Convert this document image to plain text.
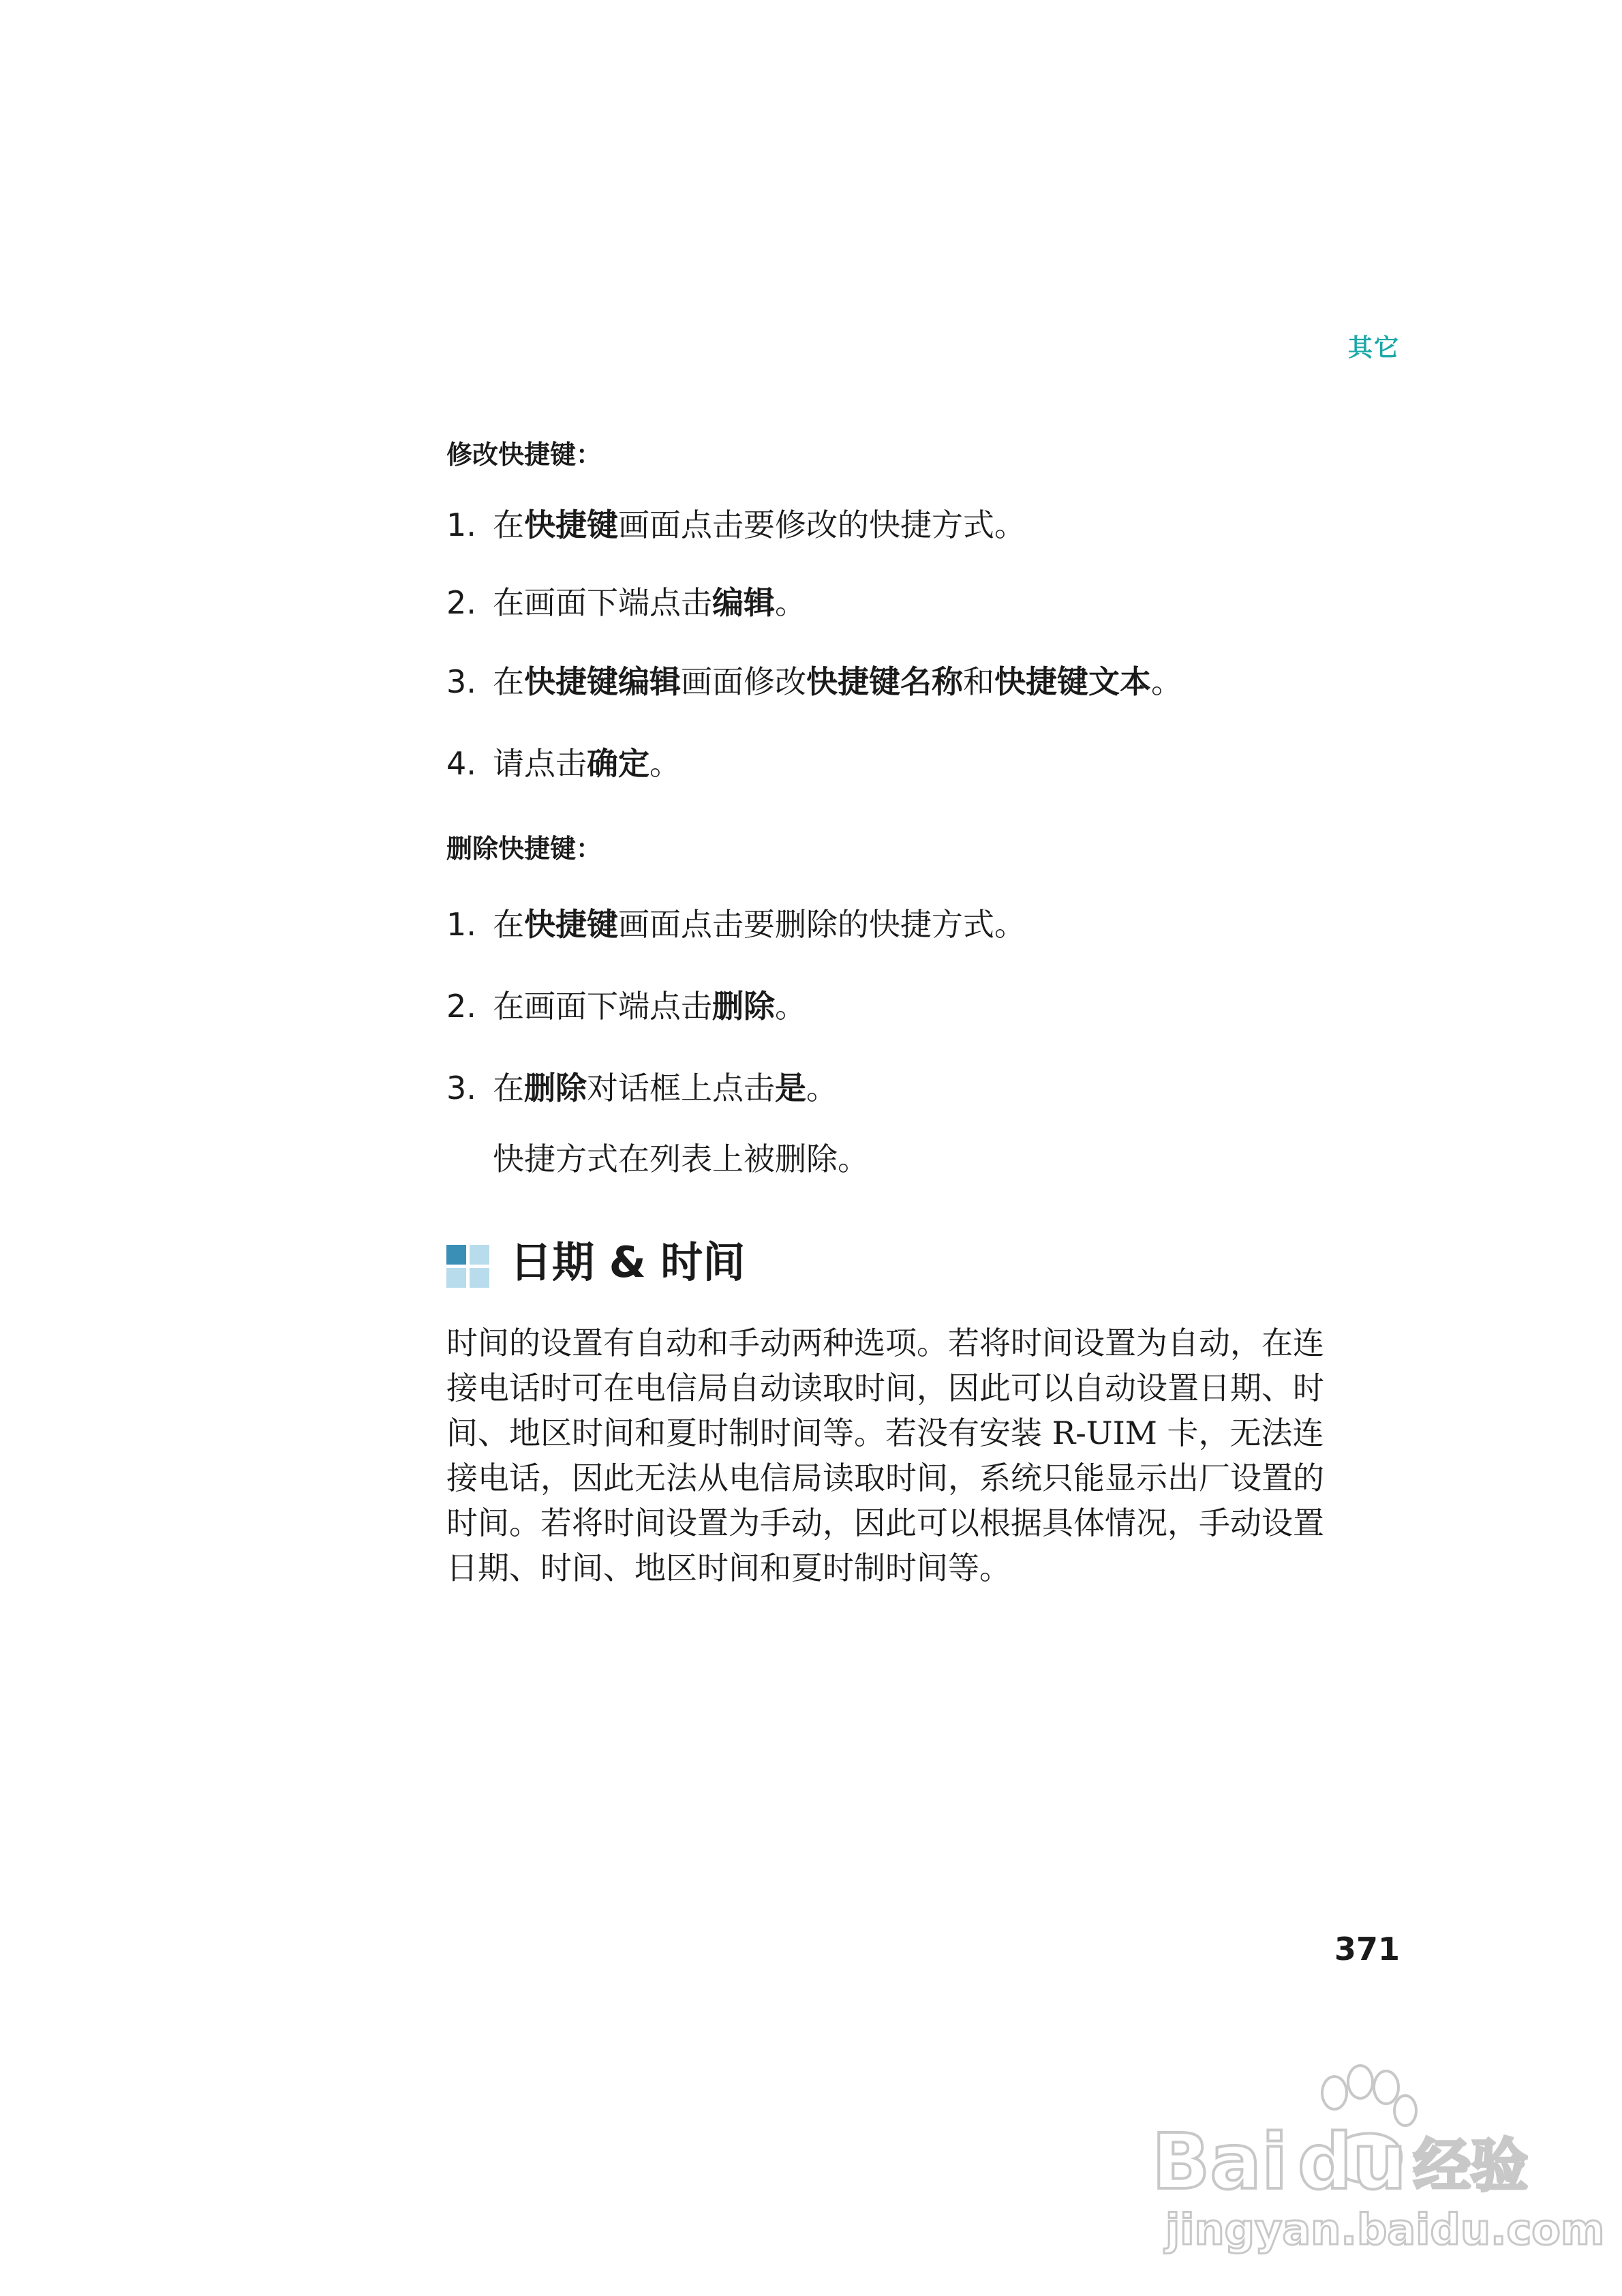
其它
修改快捷键：
1. 在快捷键画面点击要修改的快捷方式。
2. 在画面下端点击编辑。
3. 在快捷键编辑画面修改快捷键名称和快捷键文本。
4. 请点击确定。
删除快捷键：
1. 在快捷键画面点击要删除的快捷方式。
2. 在画面下端点击删除。
3. 在删除对话框上点击是。
快捷方式在列表上被删除。
日期 & 时间
时间的设置有自动和手动两种选项。若将时间设置为自动，在连
接电话时可在电信局自动读取时间，因此可以自动设置日期、时
间、地区时间和夏时制时间等。若没有安装 R-UIM 卡，无法连
接电话，因此无法从电信局读取时间，系统只能显示出厂设置的
时间。若将时间设置为手动，因此可以根据具体情况，手动设置
日期、时间、地区时间和夏时制时间等。
371
Bai du 经验
jingyan.baidu.com
